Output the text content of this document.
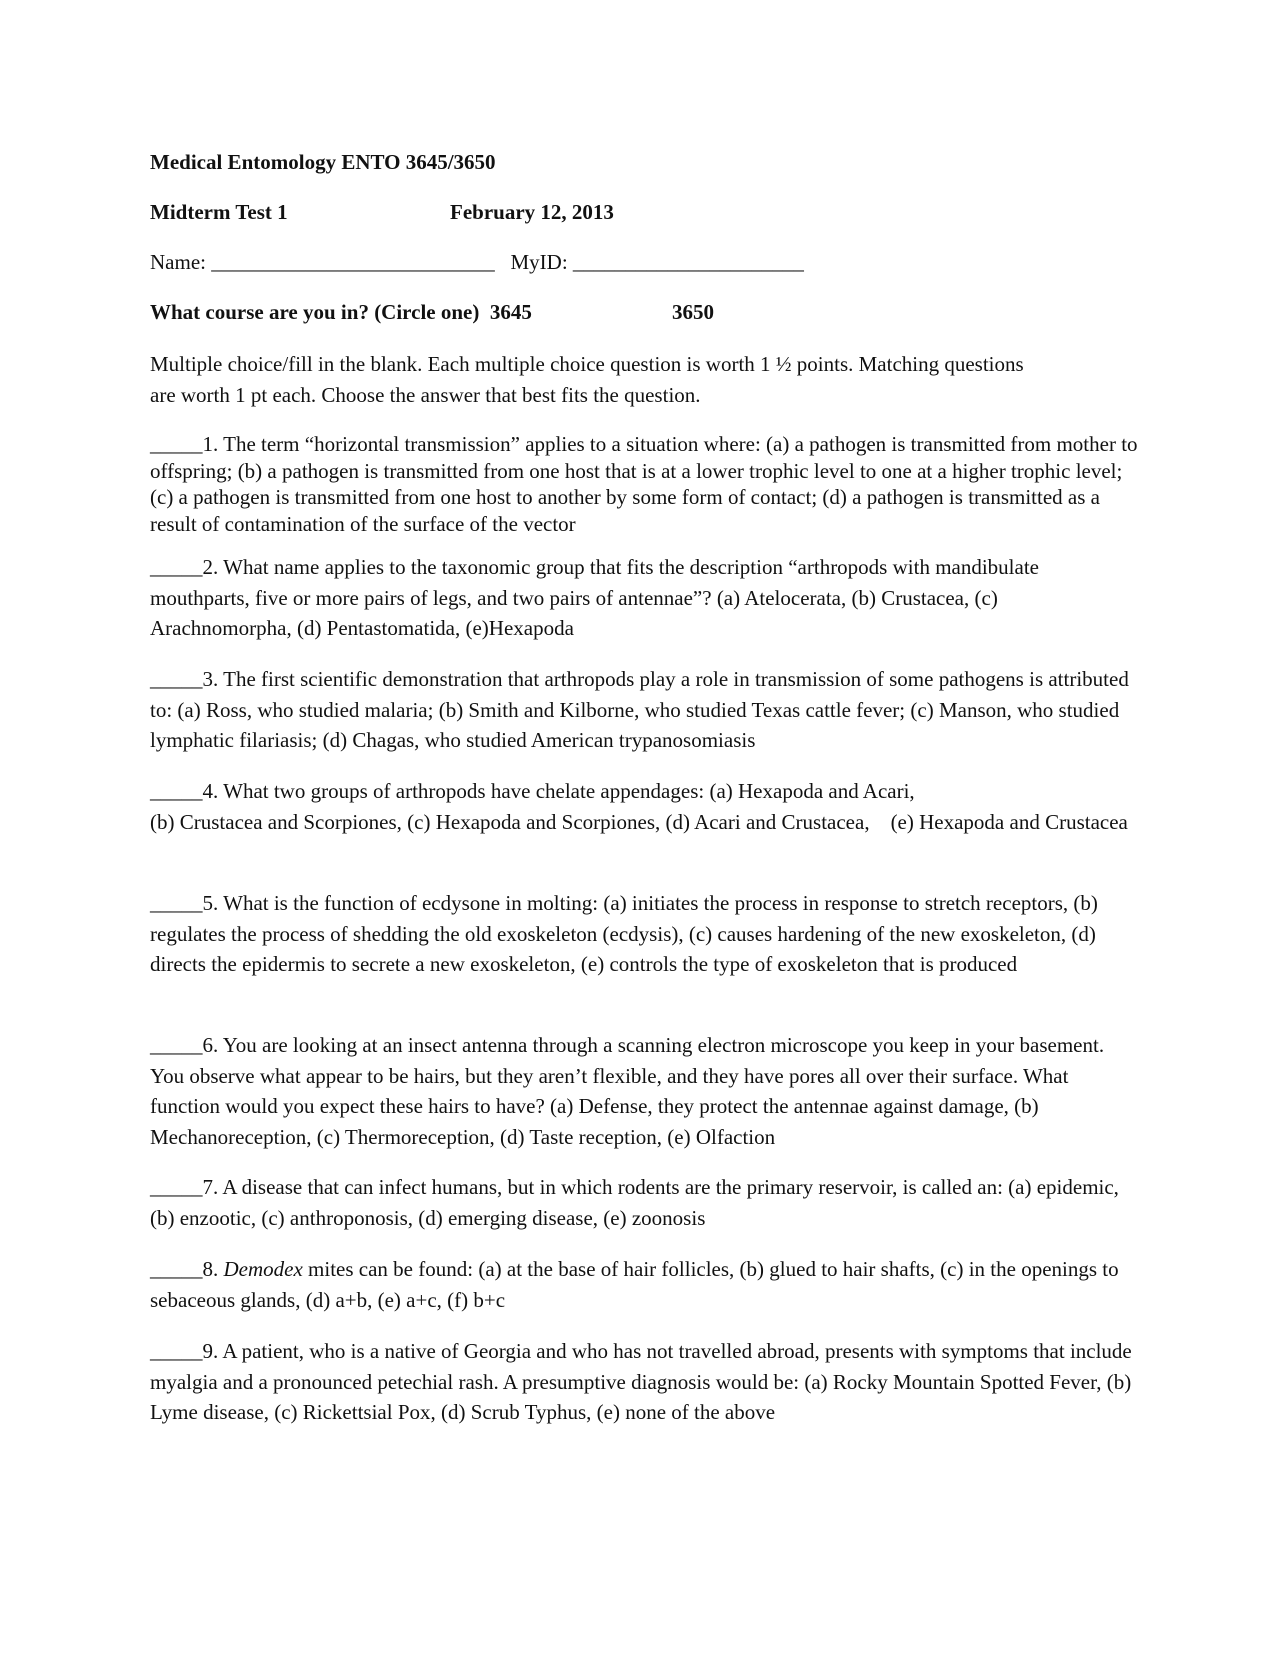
Medical Entomology ENTO 3645/3650
Midterm Test 1	February 12, 2013
Name: ___________________________ MyID: ______________________
What course are you in? (Circle one) 3645	3650

Multiple choice/fill in the blank. Each multiple choice question is worth 1 ½ points. Matching questions

are worth 1 pt each. Choose the answer that best fits the question.

_____1. The term “horizontal transmission” applies to a situation where: (a) a pathogen is transmitted from mother to offspring; (b) a pathogen is transmitted from one host that is at a lower trophic level to one at a higher trophic level; (c) a pathogen is transmitted from one host to another by some form of contact; (d) a pathogen is transmitted as a result of contamination of the surface of the vector

_____2. What name applies to the taxonomic group that fits the description “arthropods with mandibulate mouthparts, five or more pairs of legs, and two pairs of antennae”? (a) Atelocerata, (b) Crustacea, (c) Arachnomorpha, (d) Pentastomatida, (e)Hexapoda

_____3. The first scientific demonstration that arthropods play a role in transmission of some pathogens is attributed to: (a) Ross, who studied malaria; (b) Smith and Kilborne, who studied Texas cattle fever; (c) Manson, who studied lymphatic filariasis; (d) Chagas, who studied American trypanosomiasis

_____4. What two groups of arthropods have chelate appendages: (a) Hexapoda and Acari,

(b) Crustacea and Scorpiones, (c) Hexapoda and Scorpiones, (d) Acari and Crustacea,    (e) Hexapoda and Crustacea

_____5. What is the function of ecdysone in molting: (a) initiates the process in response to stretch receptors, (b) regulates the process of shedding the old exoskeleton (ecdysis), (c) causes hardening of the new exoskeleton, (d) directs the epidermis to secrete a new exoskeleton, (e) controls the type of exoskeleton that is produced

_____6. You are looking at an insect antenna through a scanning electron microscope you keep in your basement. You observe what appear to be hairs, but they aren’t flexible, and they have pores all over their surface. What function would you expect these hairs to have? (a) Defense, they protect the antennae against damage, (b) Mechanoreception, (c) Thermoreception, (d) Taste reception, (e) Olfaction

_____7. A disease that can infect humans, but in which rodents are the primary reservoir, is called an: (a) epidemic, (b) enzootic, (c) anthroponosis, (d) emerging disease, (e) zoonosis

_____8. Demodex mites can be found: (a) at the base of hair follicles, (b) glued to hair shafts, (c) in the openings to sebaceous glands, (d) a+b, (e) a+c, (f) b+c

_____9. A patient, who is a native of Georgia and who has not travelled abroad, presents with symptoms that include myalgia and a pronounced petechial rash. A presumptive diagnosis would be: (a) Rocky Mountain Spotted Fever, (b) Lyme disease, (c) Rickettsial Pox, (d) Scrub Typhus, (e) none of the above
